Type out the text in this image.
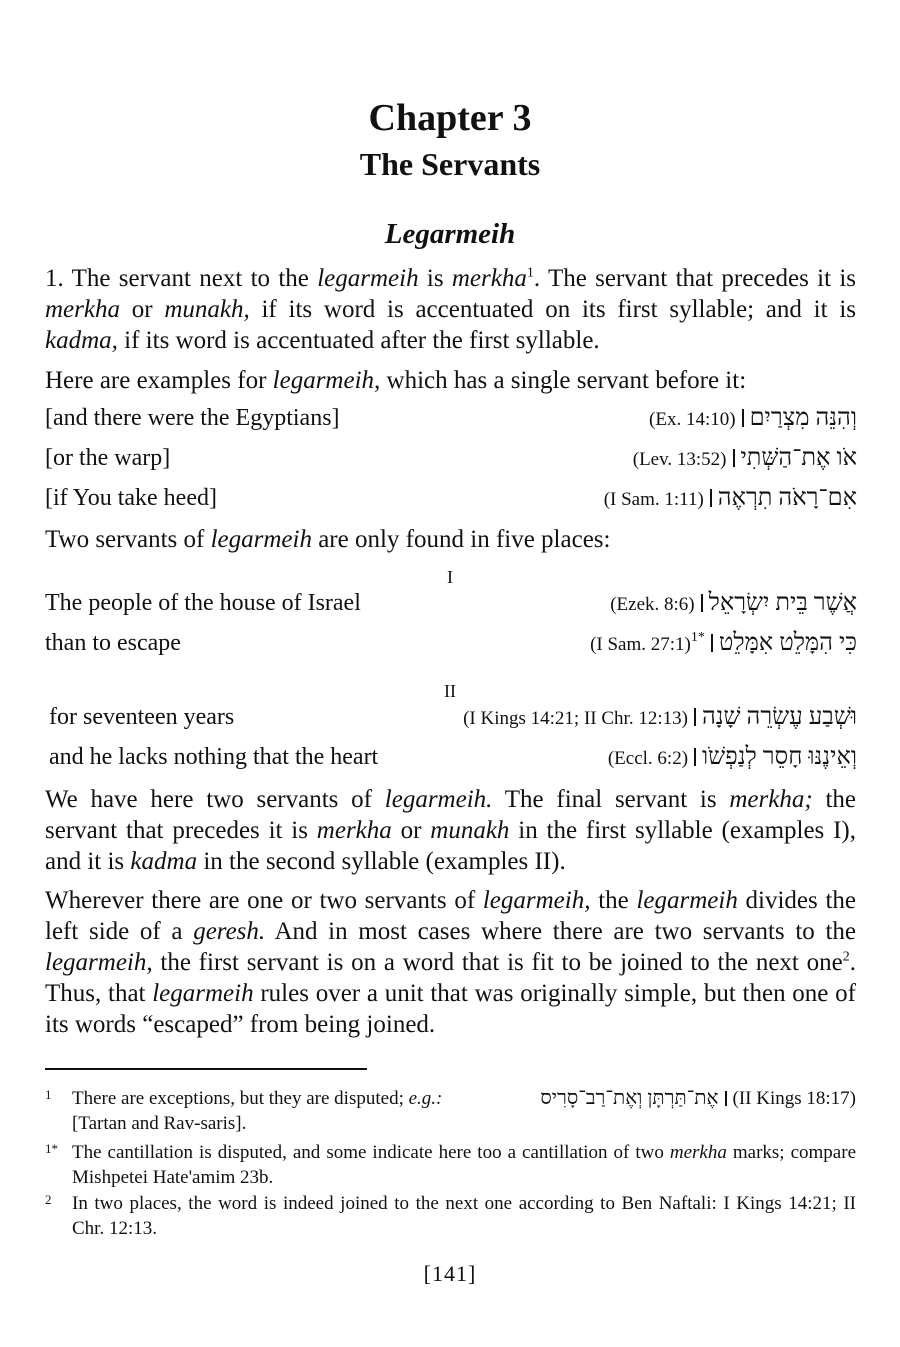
Chapter 3
The Servants
Legarmeih
1. The servant next to the legarmeih is merkha$^1$. The servant that precedes it is merkha or munakh, if its word is accentuated on its first syllable; and it is kadma, if its word is accentuated after the first syllable.
Here are examples for legarmeih, which has a single servant before it:
[and there were the Egyptians]	(Ex. 14:10) וְהִנֵּה מִצְרַיִם
[or the warp]	(Lev. 13:52) אֹו אֶת־הַשְּׁתִי
[if You take heed]	(I Sam. 1:11) אִם־רָאֹה תִרְאֶה
Two servants of legarmeih are only found in five places:
I
The people of the house of Israel	(Ezek. 8:6) אֲשֶׁר בֵּית יִשְׂרָאֵל
than to escape	(I Sam. 27:1)$^{1*}$ כִּי הִמָּלֵט אִמָּלֵט
II
for seventeen years	(I Kings 14:21; II Chr. 12:13) וּשְׁבַע עֶשְׂרֵה שָׁנָה
and he lacks nothing that the heart	(Eccl. 6:2) וְאֵינֶנּוּ חָסֵר לְנַפְשֹׁו
We have here two servants of legarmeih. The final servant is merkha; the servant that precedes it is merkha or munakh in the first syllable (examples I), and it is kadma in the second syllable (examples II).
Wherever there are one or two servants of legarmeih, the legarmeih divides the left side of a geresh. And in most cases where there are two servants to the legarmeih, the first servant is on a word that is fit to be joined to the next one$^2$. Thus, that legarmeih rules over a unit that was originally simple, but then one of its words “escaped” from being joined.
1 There are exceptions, but they are disputed; e.g.:	אֶת־תַּרְתָּן וְאֶת־רַב־סָרִיס (II Kings 18:17)

[Tartan and Rav-saris].
1* The cantillation is disputed, and some indicate here too a cantillation of two merkha marks; compare Mishpetei Hate'amim 23b.
2 In two places, the word is indeed joined to the next one according to Ben Naftali: I Kings 14:21; II Chr. 12:13.
[141]
